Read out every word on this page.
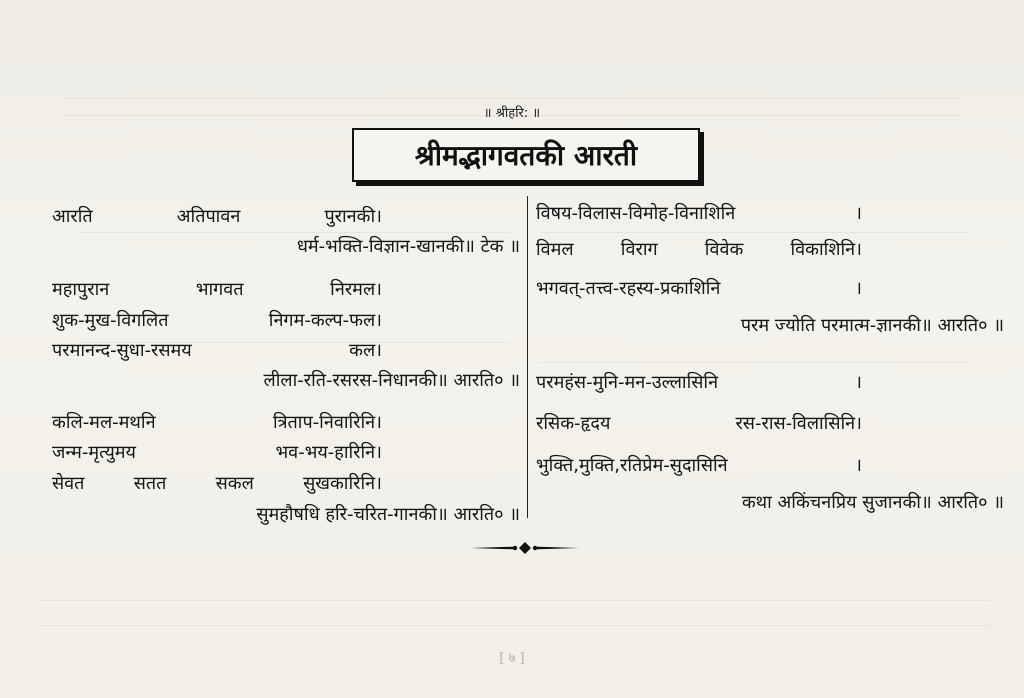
॥ श्रीहरि: ॥
श्रीमद्भागवतकी आरती
आरति	अतिपावन	पुरानकी।
धर्म-भक्ति-विज्ञान-खानकी॥ टेक ॥
महापुरान	भागवत	निरमल।
शुक-मुख-विगलित	निगम-कल्प-फल।
परमानन्द-सुधा-रसमय	कल।
लीला-रति-रसरस-निधानकी॥ आरति० ॥
कलि-मल-मथनि	त्रिताप-निवारिनि।
जन्म-मृत्युमय	भव-भय-हारिनि।
सेवत	सतत	सकल	सुखकारिनि।
सुमहौषधि हरि-चरित-गानकी॥ आरति० ॥
विषय-विलास-विमोह-विनाशिनि	।
विमल	विराग	विवेक	विकाशिनि।
भगवत्-तत्त्व-रहस्य-प्रकाशिनि	।
परम ज्योति परमात्म-ज्ञानकी॥ आरति० ॥
परमहंस-मुनि-मन-उल्लासिनि	।
रसिक-हृदय	रस-रास-विलासिनि।
भुक्ति,मुक्ति,रतिप्रेम-सुदासिनि	।
कथा अकिंचनप्रिय सुजानकी॥ आरति० ॥
[ ७ ]
